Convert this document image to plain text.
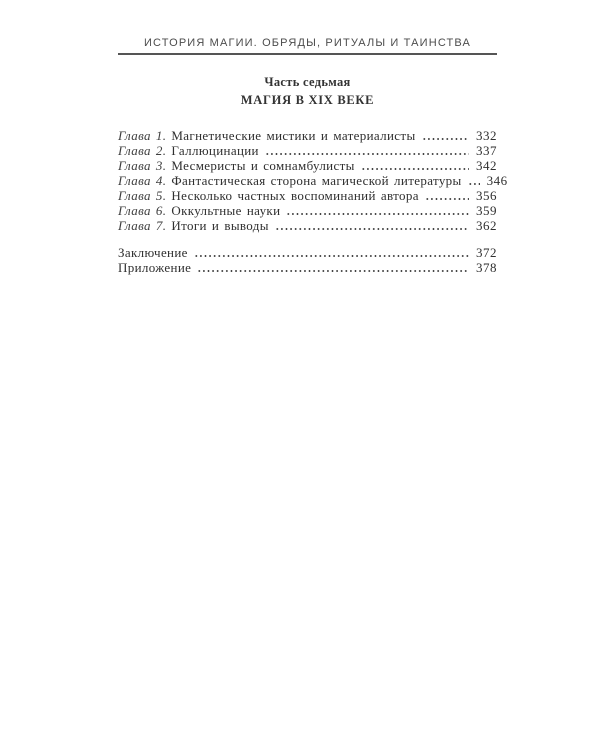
ИСТОРИЯ МАГИИ. ОБРЯДЫ, РИТУАЛЫ И ТАИНСТВА
Часть седьмая
МАГИЯ В XIX ВЕКЕ
Глава 1. Магнетические мистики и материалисты	332
Глава 2. Галлюцинации	337
Глава 3. Месмеристы и сомнамбулисты	342
Глава 4. Фантастическая сторона магической литературы 346
Глава 5. Несколько частных воспоминаний автора	356
Глава 6. Оккультные науки	359
Глава 7. Итоги и выводы	362
Заключение	372
Приложение	378
